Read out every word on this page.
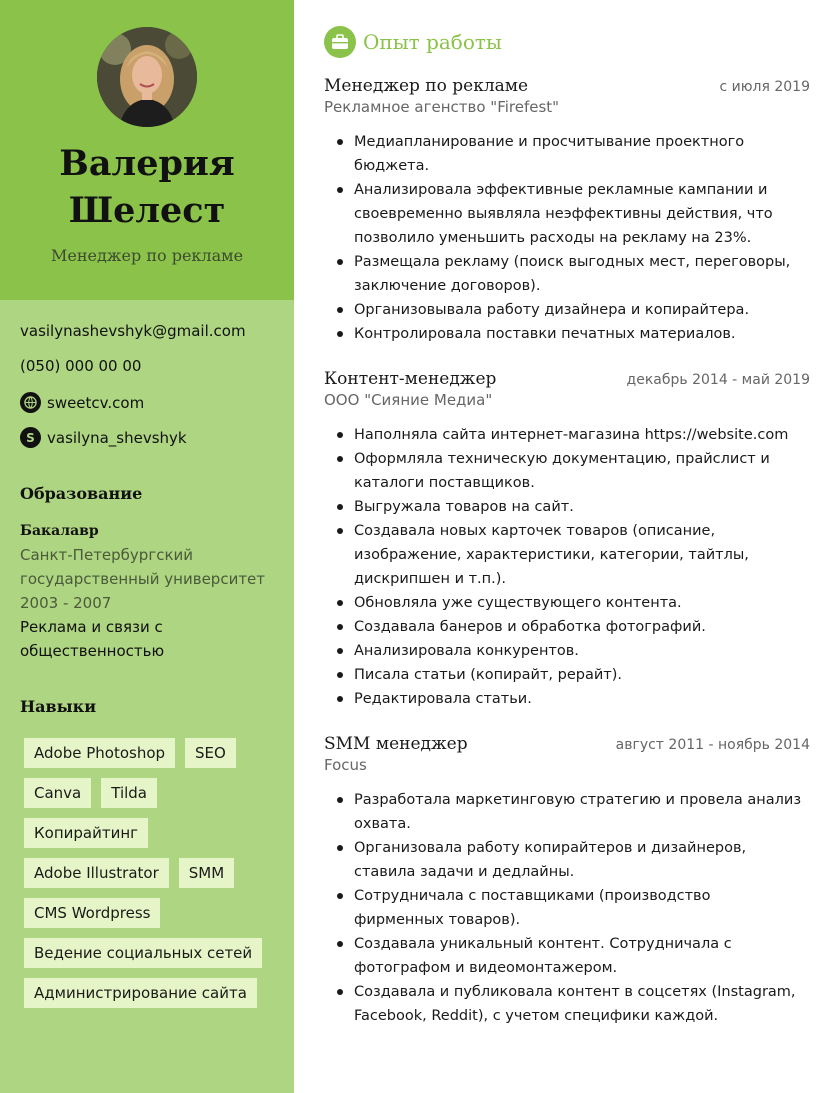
Валерия
Шелест
Менеджер по рекламе
vasilynashevshyk@gmail.com
(050) 000 00 00
sweetcv.com
S vasilyna_shevshyk
Образование
Бакалавр
Санкт-Петербургский
государственный университет
2003 - 2007
Реклама и связи с
общественностью
Навыки
Adobe Photoshop	SEO
Canva	Tilda
Копирайтинг
Adobe Illustrator	SMM
CMS Wordpress
Ведение социальных сетей
Администрирование сайта
Опыт работы
Менеджер по рекламе	с июля 2019
Рекламное агенство "Firefest"
Медиапланирование и просчитывание проектного
бюджета.
Анализировала эффективные рекламные кампании и
своевременно выявляла неэффективны действия, что
позволило уменьшить расходы на рекламу на 23%.
Размещала рекламу (поиск выгодных мест, переговоры,
заключение договоров).
Организовывала работу дизайнера и копирайтера.
Контролировала поставки печатных материалов.
Контент-менеджер	декабрь 2014 - май 2019
ООО "Сияние Медиа"
Наполняла сайта интернет-магазина https://website.com
Оформляла техническую документацию, прайслист и
каталоги поставщиков.
Выгружала товаров на сайт.
Создавала новых карточек товаров (описание,
изображение, характеристики, категории, тайтлы,
дискрипшен и т.п.).
Обновляла уже существующего контента.
Создавала банеров и обработка фотографий.
Анализировала конкурентов.
Писала статьи (копирайт, рерайт).
Редактировала статьи.
SMM менеджер	август 2011 - ноябрь 2014
Focus
Разработала маркетинговую стратегию и провела анализ
охвата.
Организовала работу копирайтеров и дизайнеров,
ставила задачи и дедлайны.
Сотрудничала с поставщиками (производство
фирменных товаров).
Создавала уникальный контент. Сотрудничала с
фотографом и видеомонтажером.
Создавала и публиковала контент в соцсетях (Instagram,
Facebook, Reddit), с учетом специфики каждой.
